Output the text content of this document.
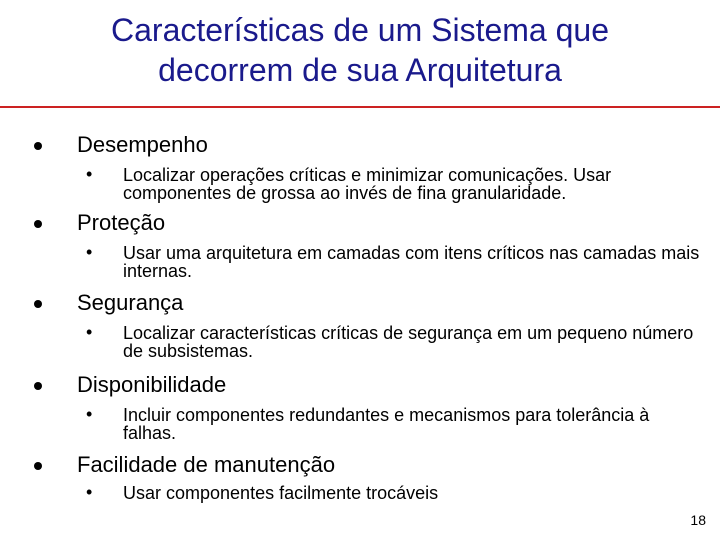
Características de um Sistema que
decorrem de sua Arquitetura
Desempenho
• Localizar operações críticas e minimizar comunicações. Usar componentes de grossa ao invés de fina granularidade.
Proteção
• Usar uma arquitetura em camadas com itens críticos nas camadas mais internas.
Segurança
• Localizar características críticas de segurança em um pequeno número de subsistemas.
Disponibilidade
• Incluir componentes redundantes e mecanismos para tolerância à falhas.
Facilidade de manutenção
• Usar componentes facilmente trocáveis
18
